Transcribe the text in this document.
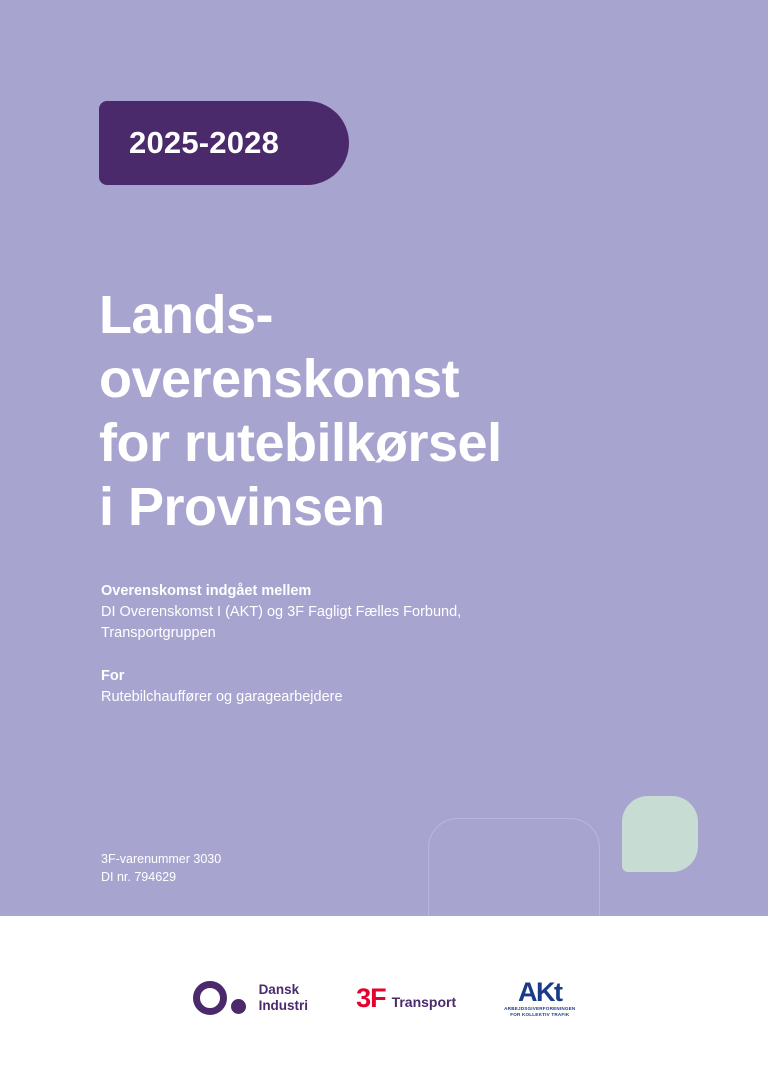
2025-2028
Lands-
overenskomst
for rutebilkørsel
i Provinsen
Overenskomst indgået mellem
DI Overenskomst I (AKT) og 3F Fagligt Fælles Forbund,
Transportgruppen
For
Rutebilchauffører og garagearbejdere
3F-varenummer 3030
DI nr. 794629
Dansk
Industri 3F Transport AKt
ARBEJDSGIVERFORENINGEN
FOR KOLLEKTIV TRAFIK
